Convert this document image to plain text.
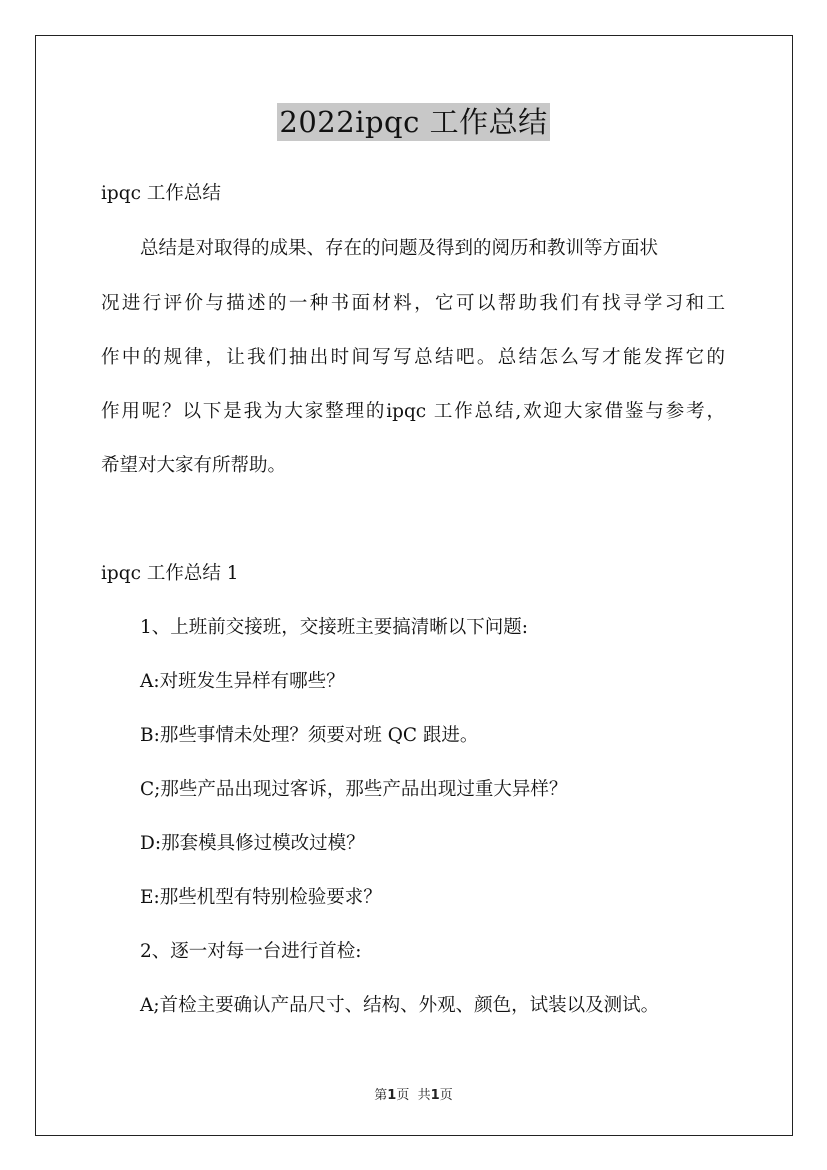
2022ipqc 工作总结
ipqc 工作总结
总结是对取得的成果、存在的问题及得到的阅历和教训等方面状
况进行评价与描述的一种书面材料，它可以帮助我们有找寻学习和工
作中的规律，让我们抽出时间写写总结吧。总结怎么写才能发挥它的
作用呢？以下是我为大家整理的ipqc 工作总结,欢迎大家借鉴与参考，
希望对大家有所帮助。
ipqc 工作总结 1
1、上班前交接班，交接班主要搞清晰以下问题:
A:对班发生异样有哪些？
B:那些事情未处理？须要对班 QC 跟进。
C;那些产品出现过客诉，那些产品出现过重大异样？
D:那套模具修过模改过模？
E:那些机型有特别检验要求？
2、逐一对每一台进行首检:
A;首检主要确认产品尺寸、结构、外观、颜色，试装以及测试。
第1页 共1页
